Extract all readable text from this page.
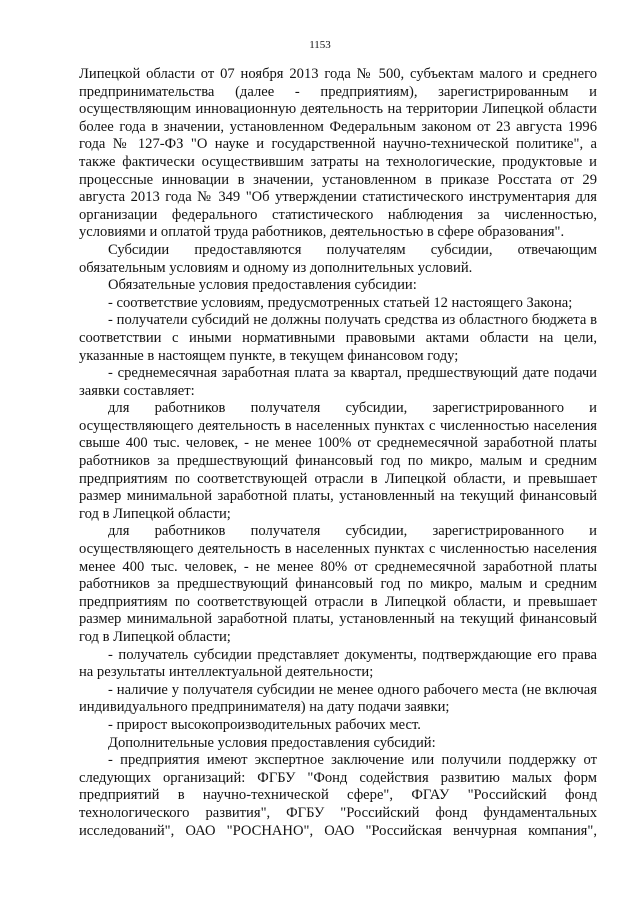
1153

Липецкой области от 07 ноября 2013 года № 500, субъектам малого и среднего предпринимательства (далее - предприятиям), зарегистрированным и осуществляющим инновационную деятельность на территории Липецкой области более года в значении, установленном Федеральным законом от 23 августа 1996 года № 127-ФЗ "О науке и государственной научно-технической политике", а также фактически осуществившим затраты на технологические, продуктовые и процессные инновации в значении, установленном в приказе Росстата от 29 августа 2013 года № 349 "Об утверждении статистического инструментария для организации федерального статистического наблюдения за численностью, условиями и оплатой труда работников, деятельностью в сфере образования".

Субсидии предоставляются получателям субсидии, отвечающим обязательным условиям и одному из дополнительных условий.

Обязательные условия предоставления субсидии:

- соответствие условиям, предусмотренных статьей 12 настоящего Закона;

- получатели субсидий не должны получать средства из областного бюджета в соответствии с иными нормативными правовыми актами области на цели, указанные в настоящем пункте, в текущем финансовом году;

- среднемесячная заработная плата за квартал, предшествующий дате подачи заявки составляет:

для работников получателя субсидии, зарегистрированного и осуществляющего деятельность в населенных пунктах с численностью населения свыше 400 тыс. человек, - не менее 100% от среднемесячной заработной платы работников за предшествующий финансовый год по микро, малым и средним предприятиям по соответствующей отрасли в Липецкой области, и превышает размер минимальной заработной платы, установленный на текущий финансовый год в Липецкой области;

для работников получателя субсидии, зарегистрированного и осуществляющего деятельность в населенных пунктах с численностью населения менее 400 тыс. человек, - не менее 80% от среднемесячной заработной платы работников за предшествующий финансовый год по микро, малым и средним предприятиям по соответствующей отрасли в Липецкой области, и превышает размер минимальной заработной платы, установленный на текущий финансовый год в Липецкой области;

- получатель субсидии представляет документы, подтверждающие его права на результаты интеллектуальной деятельности;

- наличие у получателя субсидии не менее одного рабочего места (не включая индивидуального предпринимателя) на дату подачи заявки;

- прирост высокопроизводительных рабочих мест.

Дополнительные условия предоставления субсидий:

- предприятия имеют экспертное заключение или получили поддержку от следующих организаций: ФГБУ "Фонд содействия развитию малых форм предприятий в научно-технической сфере", ФГАУ "Российский фонд технологического развития", ФГБУ "Российский фонд фундаментальных исследований", ОАО "РОСНАНО", ОАО "Российская венчурная компания",
